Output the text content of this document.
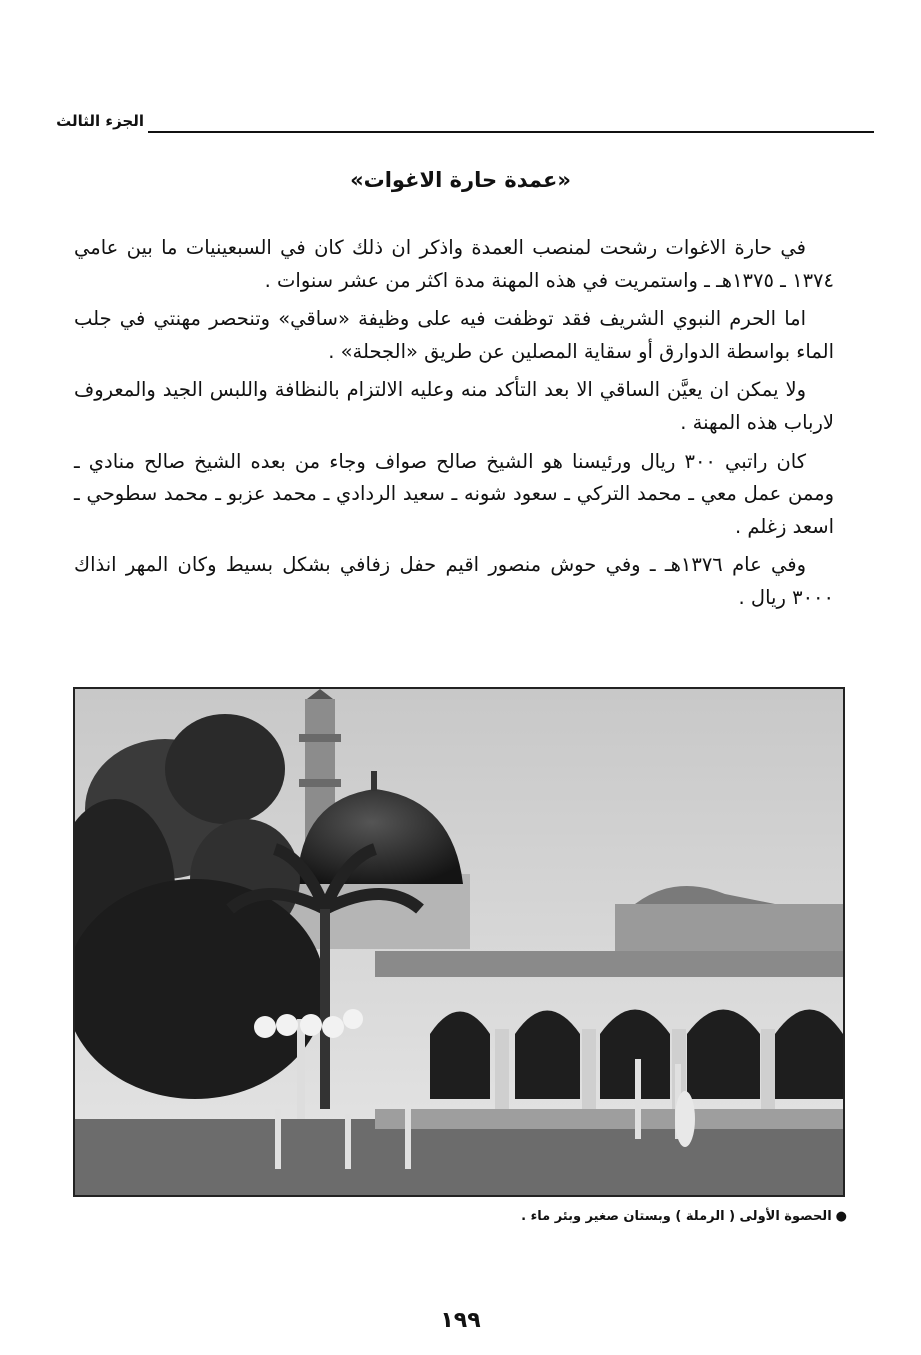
الجزء الثالث
«عمدة حارة الاغوات»

في حارة الاغوات رشحت لمنصب العمدة واذكر ان ذلك كان في السبعينيات ما بين عامي ١٣٧٤ ـ ١٣٧٥هـ ـ واستمريت في هذه المهنة مدة اكثر من عشر سنوات .

اما الحرم النبوي الشريف فقد توظفت فيه على وظيفة «ساقي» وتنحصر مهنتي في جلب الماء بواسطة الدوارق أو سقاية المصلين عن طريق «الجحلة» .

ولا يمكن ان يعيَّن الساقي الا بعد التأكد منه وعليه الالتزام بالنظافة واللبس الجيد والمعروف لارباب هذه المهنة .

كان راتبي ٣٠٠ ريال ورئيسنا هو الشيخ صالح صواف وجاء من بعده الشيخ صالح منادي ـ وممن عمل معي ـ محمد التركي ـ سعود شونه ـ سعيد الردادي ـ محمد عزبو ـ محمد سطوحي ـ اسعد زغلم .

وفي عام ١٣٧٦هـ ـ وفي حوش منصور اقيم حفل زفافي بشكل بسيط وكان المهر انذاك ٣٠٠٠ ريال .

●الحصوة الأولى ( الرملة ) وبستان صغير وبئر ماء .
١٩٩
